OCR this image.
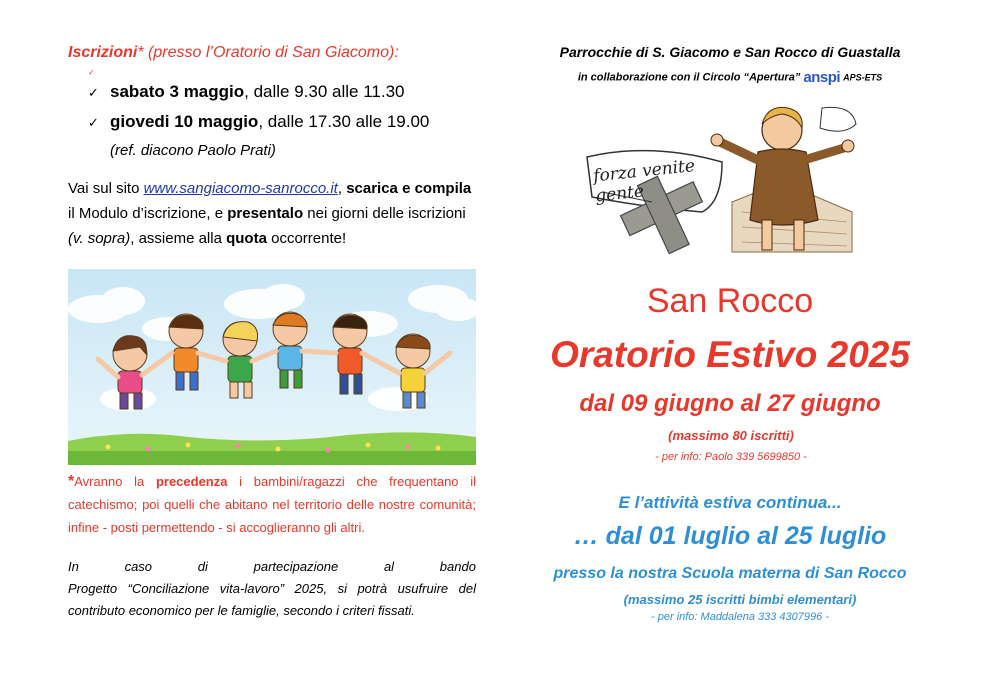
Iscrizioni* (presso l’Oratorio di San Giacomo):
✓
✓ sabato 3 maggio, dalle 9.30 alle 11.30
✓ giovedi 10 maggio, dalle 17.30 alle 19.00
(ref. diacono Paolo Prati)
Vai sul sito www.sangiacomo-sanrocco.it, scarica e compila il Modulo d’iscrizione, e presentalo nei giorni delle iscrizioni (v. sopra), assieme alla quota occorrente!
*Avranno la precedenza i bambini/ragazzi che frequentano il catechismo; poi quelli che abitano nel territorio delle nostre comunità; infine - posti permettendo - si accoglieranno gli altri.
In	caso	di	partecipazione	al	bando
Progetto “Conciliazione vita-lavoro” 2025, si potrà usufruire del contributo economico per le famiglie, secondo i criteri fissati.
Parrocchie di S. Giacomo e San Rocco di Guastalla
in collaborazione con il Circolo “Apertura” anspi APS-ETS
forza venite gente
San Rocco
Oratorio Estivo 2025
dal 09 giugno al 27 giugno
(massimo 80 iscritti)
- per info: Paolo 339 5699850 -
E l’attività estiva continua...
… dal 01 luglio al 25 luglio
presso la nostra Scuola materna di San Rocco
(massimo 25 iscritti bimbi elementari)
- per info: Maddalena 333 4307996 -
